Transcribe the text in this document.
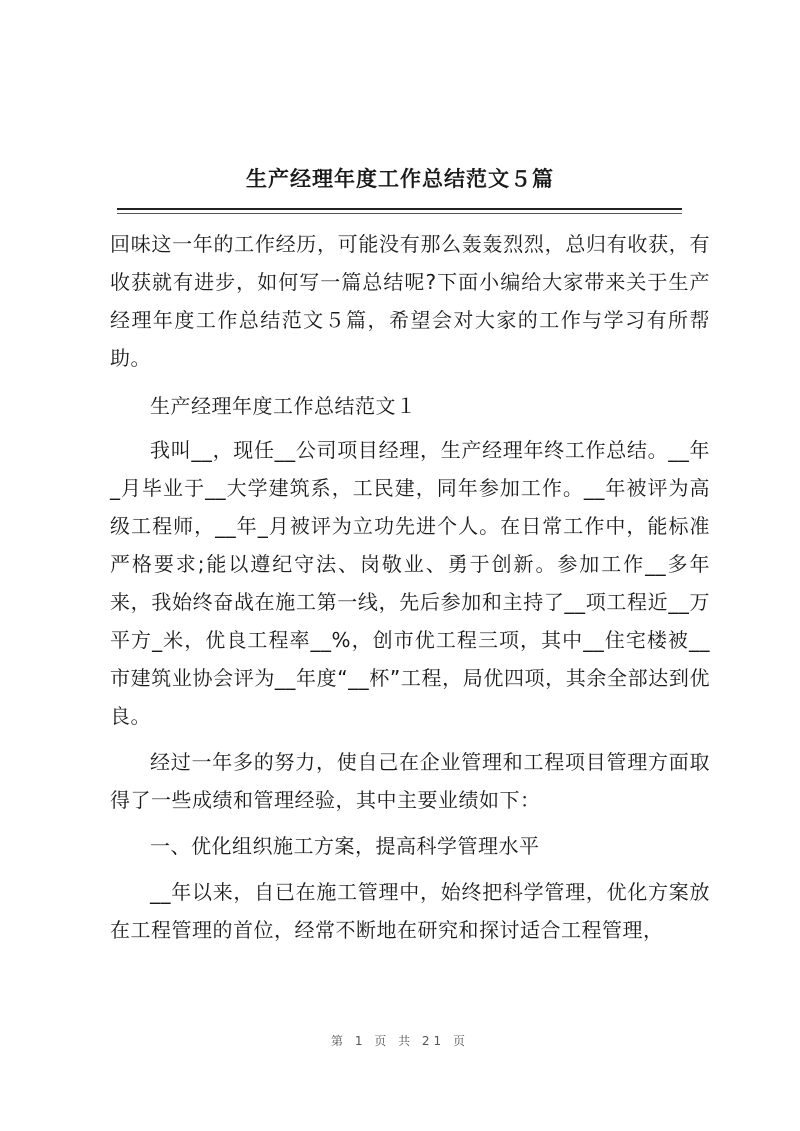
生产经理年度工作总结范文５篇

回味这一年的工作经历，可能没有那么轰轰烈烈，总归有收获，有收获就有进步，如何写一篇总结呢?下面小编给大家带来关于生产经理年度工作总结范文５篇，希望会对大家的工作与学习有所帮助。

生产经理年度工作总结范文１

我叫__，现任__公司项目经理，生产经理年终工作总结。__年_月毕业于__大学建筑系，工民建，同年参加工作。__年被评为高级工程师，__年_月被评为立功先进个人。在日常工作中，能标准严格要求;能以遵纪守法、岗敬业、勇于创新。参加工作__多年来，我始终奋战在施工第一线，先后参加和主持了__项工程近__万平方_米，优良工程率__%，创市优工程三项，其中__住宅楼被__市建筑业协会评为__年度“__杯”工程，局优四项，其余全部达到优良。

经过一年多的努力，使自己在企业管理和工程项目管理方面取得了一些成绩和管理经验，其中主要业绩如下：

一、优化组织施工方案，提高科学管理水平

__年以来，自已在施工管理中，始终把科学管理，优化方案放在工程管理的首位，经常不断地在研究和探讨适合工程管理，

第 1 页 共 21 页
